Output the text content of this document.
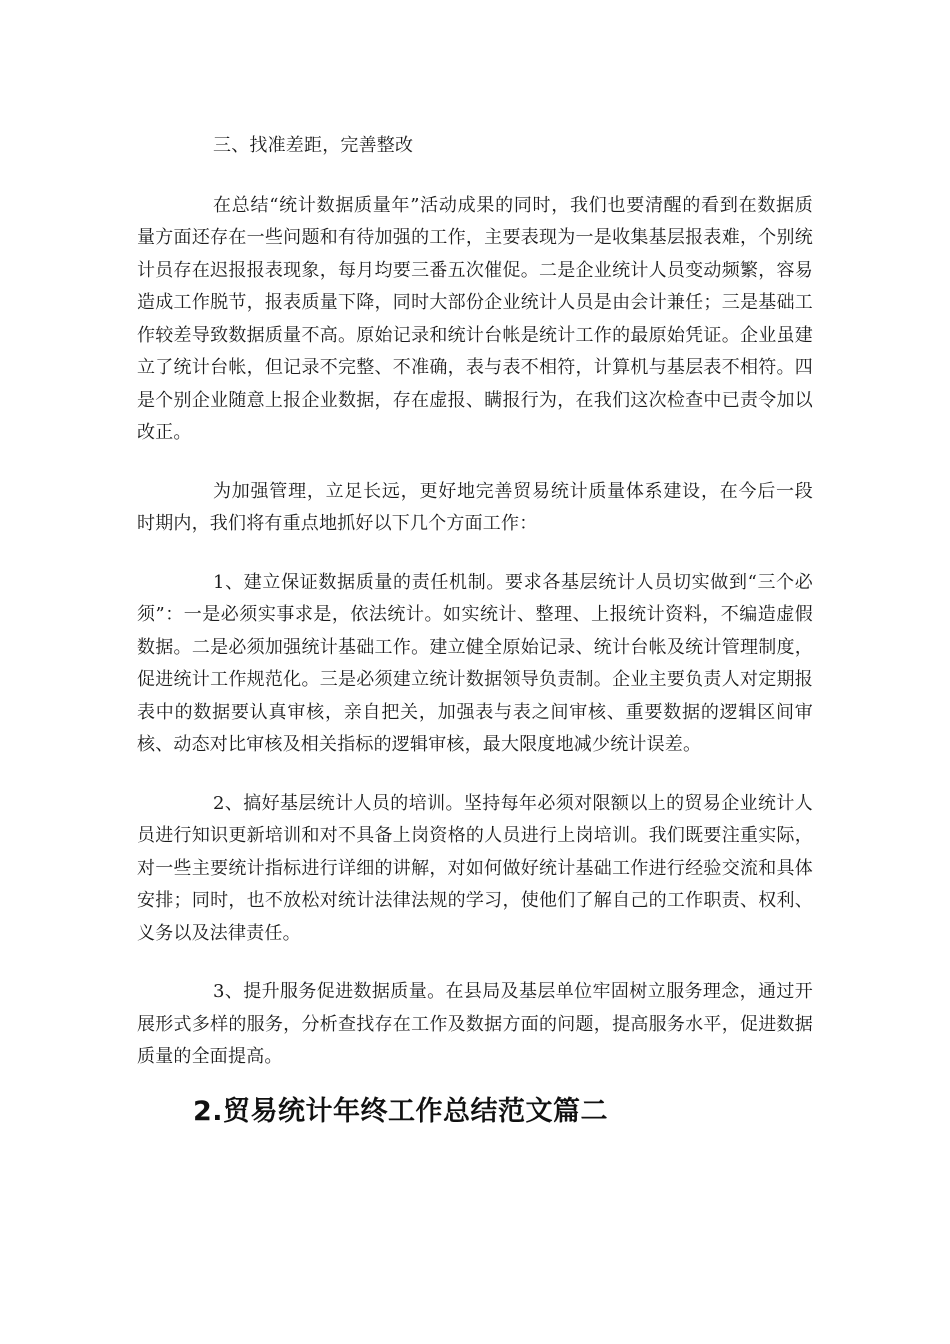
三、找准差距，完善整改

在总结“统计数据质量年”活动成果的同时，我们也要清醒的看到在数据质量方面还存在一些问题和有待加强的工作，主要表现为一是收集基层报表难，个别统计员存在迟报报表现象，每月均要三番五次催促。二是企业统计人员变动频繁，容易造成工作脱节，报表质量下降，同时大部份企业统计人员是由会计兼任；三是基础工作较差导致数据质量不高。原始记录和统计台帐是统计工作的最原始凭证。企业虽建立了统计台帐，但记录不完整、不准确，表与表不相符，计算机与基层表不相符。四是个别企业随意上报企业数据，存在虚报、瞒报行为，在我们这次检查中已责令加以改正。

为加强管理，立足长远，更好地完善贸易统计质量体系建设，在今后一段时期内，我们将有重点地抓好以下几个方面工作：

1、建立保证数据质量的责任机制。要求各基层统计人员切实做到“三个必须”：一是必须实事求是，依法统计。如实统计、整理、上报统计资料，不编造虚假数据。二是必须加强统计基础工作。建立健全原始记录、统计台帐及统计管理制度，促进统计工作规范化。三是必须建立统计数据领导负责制。企业主要负责人对定期报表中的数据要认真审核，亲自把关，加强表与表之间审核、重要数据的逻辑区间审核、动态对比审核及相关指标的逻辑审核，最大限度地减少统计误差。

2、搞好基层统计人员的培训。坚持每年必须对限额以上的贸易企业统计人员进行知识更新培训和对不具备上岗资格的人员进行上岗培训。我们既要注重实际，对一些主要统计指标进行详细的讲解，对如何做好统计基础工作进行经验交流和具体安排；同时，也不放松对统计法律法规的学习，使他们了解自己的工作职责、权利、义务以及法律责任。

3、提升服务促进数据质量。在县局及基层单位牢固树立服务理念，通过开展形式多样的服务，分析查找存在工作及数据方面的问题，提高服务水平，促进数据质量的全面提高。

2.贸易统计年终工作总结范文篇二
